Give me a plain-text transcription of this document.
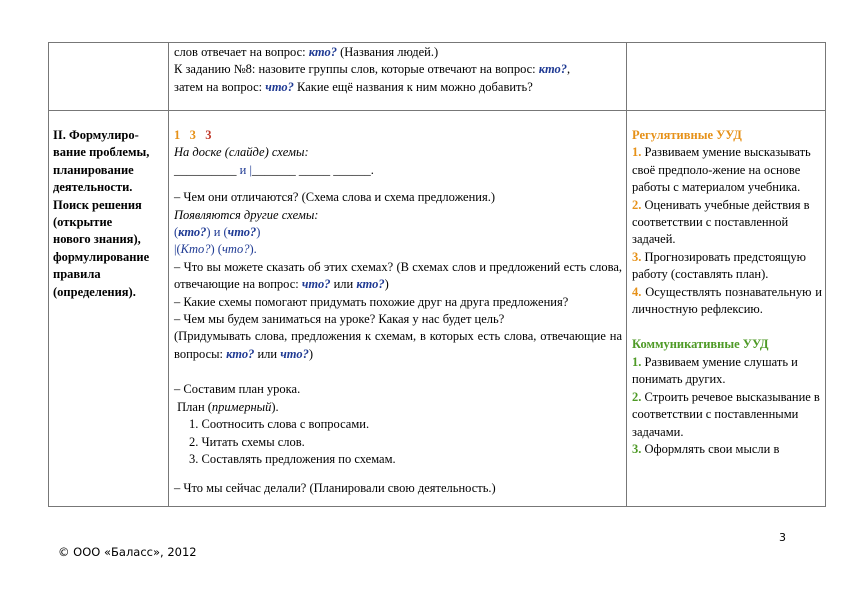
слов отвечает на вопрос: кто? (Названия людей.)

К заданию №8: назовите группы слов, которые отвечают на вопрос: кто?,

затем на вопрос: что? Какие ещё названия к ним можно добавить?

II. Формулиро-

вание проблемы,

планирование

деятельности.

Поиск решения

(открытие

нового знания),

формулирование

правила

(определения).

1 3 3

На доске (слайде) схемы:

__________ и |_______ _____ ______.

– Чем они отличаются? (Схема слова и схема предложения.)

Появляются другие схемы:

(кто?) и (что?)

|(Кто?) (что?).

– Что вы можете сказать об этих схемах? (В схемах слов и предложений есть слова, отвечающие на вопрос: что? или кто?)

– Какие схемы помогают придумать похожие друг на друга предложения?

– Чем мы будем заниматься на уроке? Какая у нас будет цель?

(Придумывать слова, предложения к схемам, в которых есть слова, отвечающие на вопросы: кто? или что?)

– Составим план урока.

План (примерный).

1. Соотносить слова с вопросами.

2. Читать схемы слов.

3. Составлять предложения по схемам.

– Что мы сейчас делали? (Планировали свою деятельность.)

Регулятивные УУД

1. Развиваем умение высказывать своё предполо-жение на основе работы с материалом учебника.

2. Оценивать учебные действия в соответствии с поставленной задачей.

3. Прогнозировать предстоящую работу (составлять план).

4. Осуществлять познавательную и личностную рефлексию.

Коммуникативные УУД

1. Развиваем умение слушать и понимать других.

2. Строить речевое высказывание в соответствии с поставленными задачами.

3. Оформлять свои мысли в

3
© ООО «Баласс», 2012
